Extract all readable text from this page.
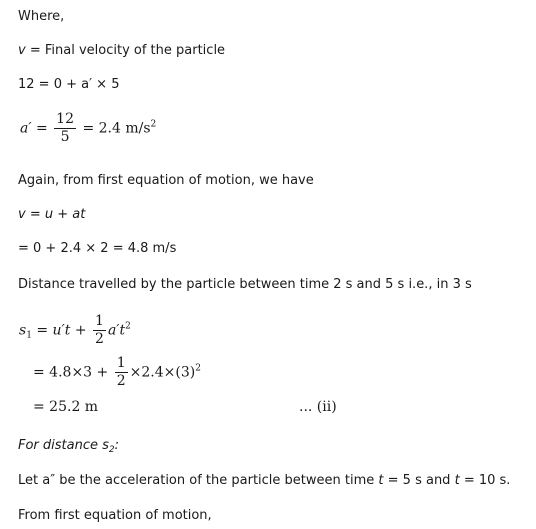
Where,
v = Final velocity of the particle
12 = 0 + a′ × 5
$a' = \frac{12}{5} = 2.4$ $m/s^2$
Again, from first equation of motion, we have
v = u + at
= 0 + 2.4 × 2 = 4.8 m/s
Distance travelled by the particle between time 2 s and 5 s i.e., in 3 s
$s_1 = u't + \frac{1}{2} a't^2$
= $4.8\times 3 + \frac{1}{2} \times 2.4\times(3)^2$
= 25.2 m	... (ii)
For distance $s_2$:
Let a″ be the acceleration of the particle between time t = 5 s and t = 10 s.
From first equation of motion,
